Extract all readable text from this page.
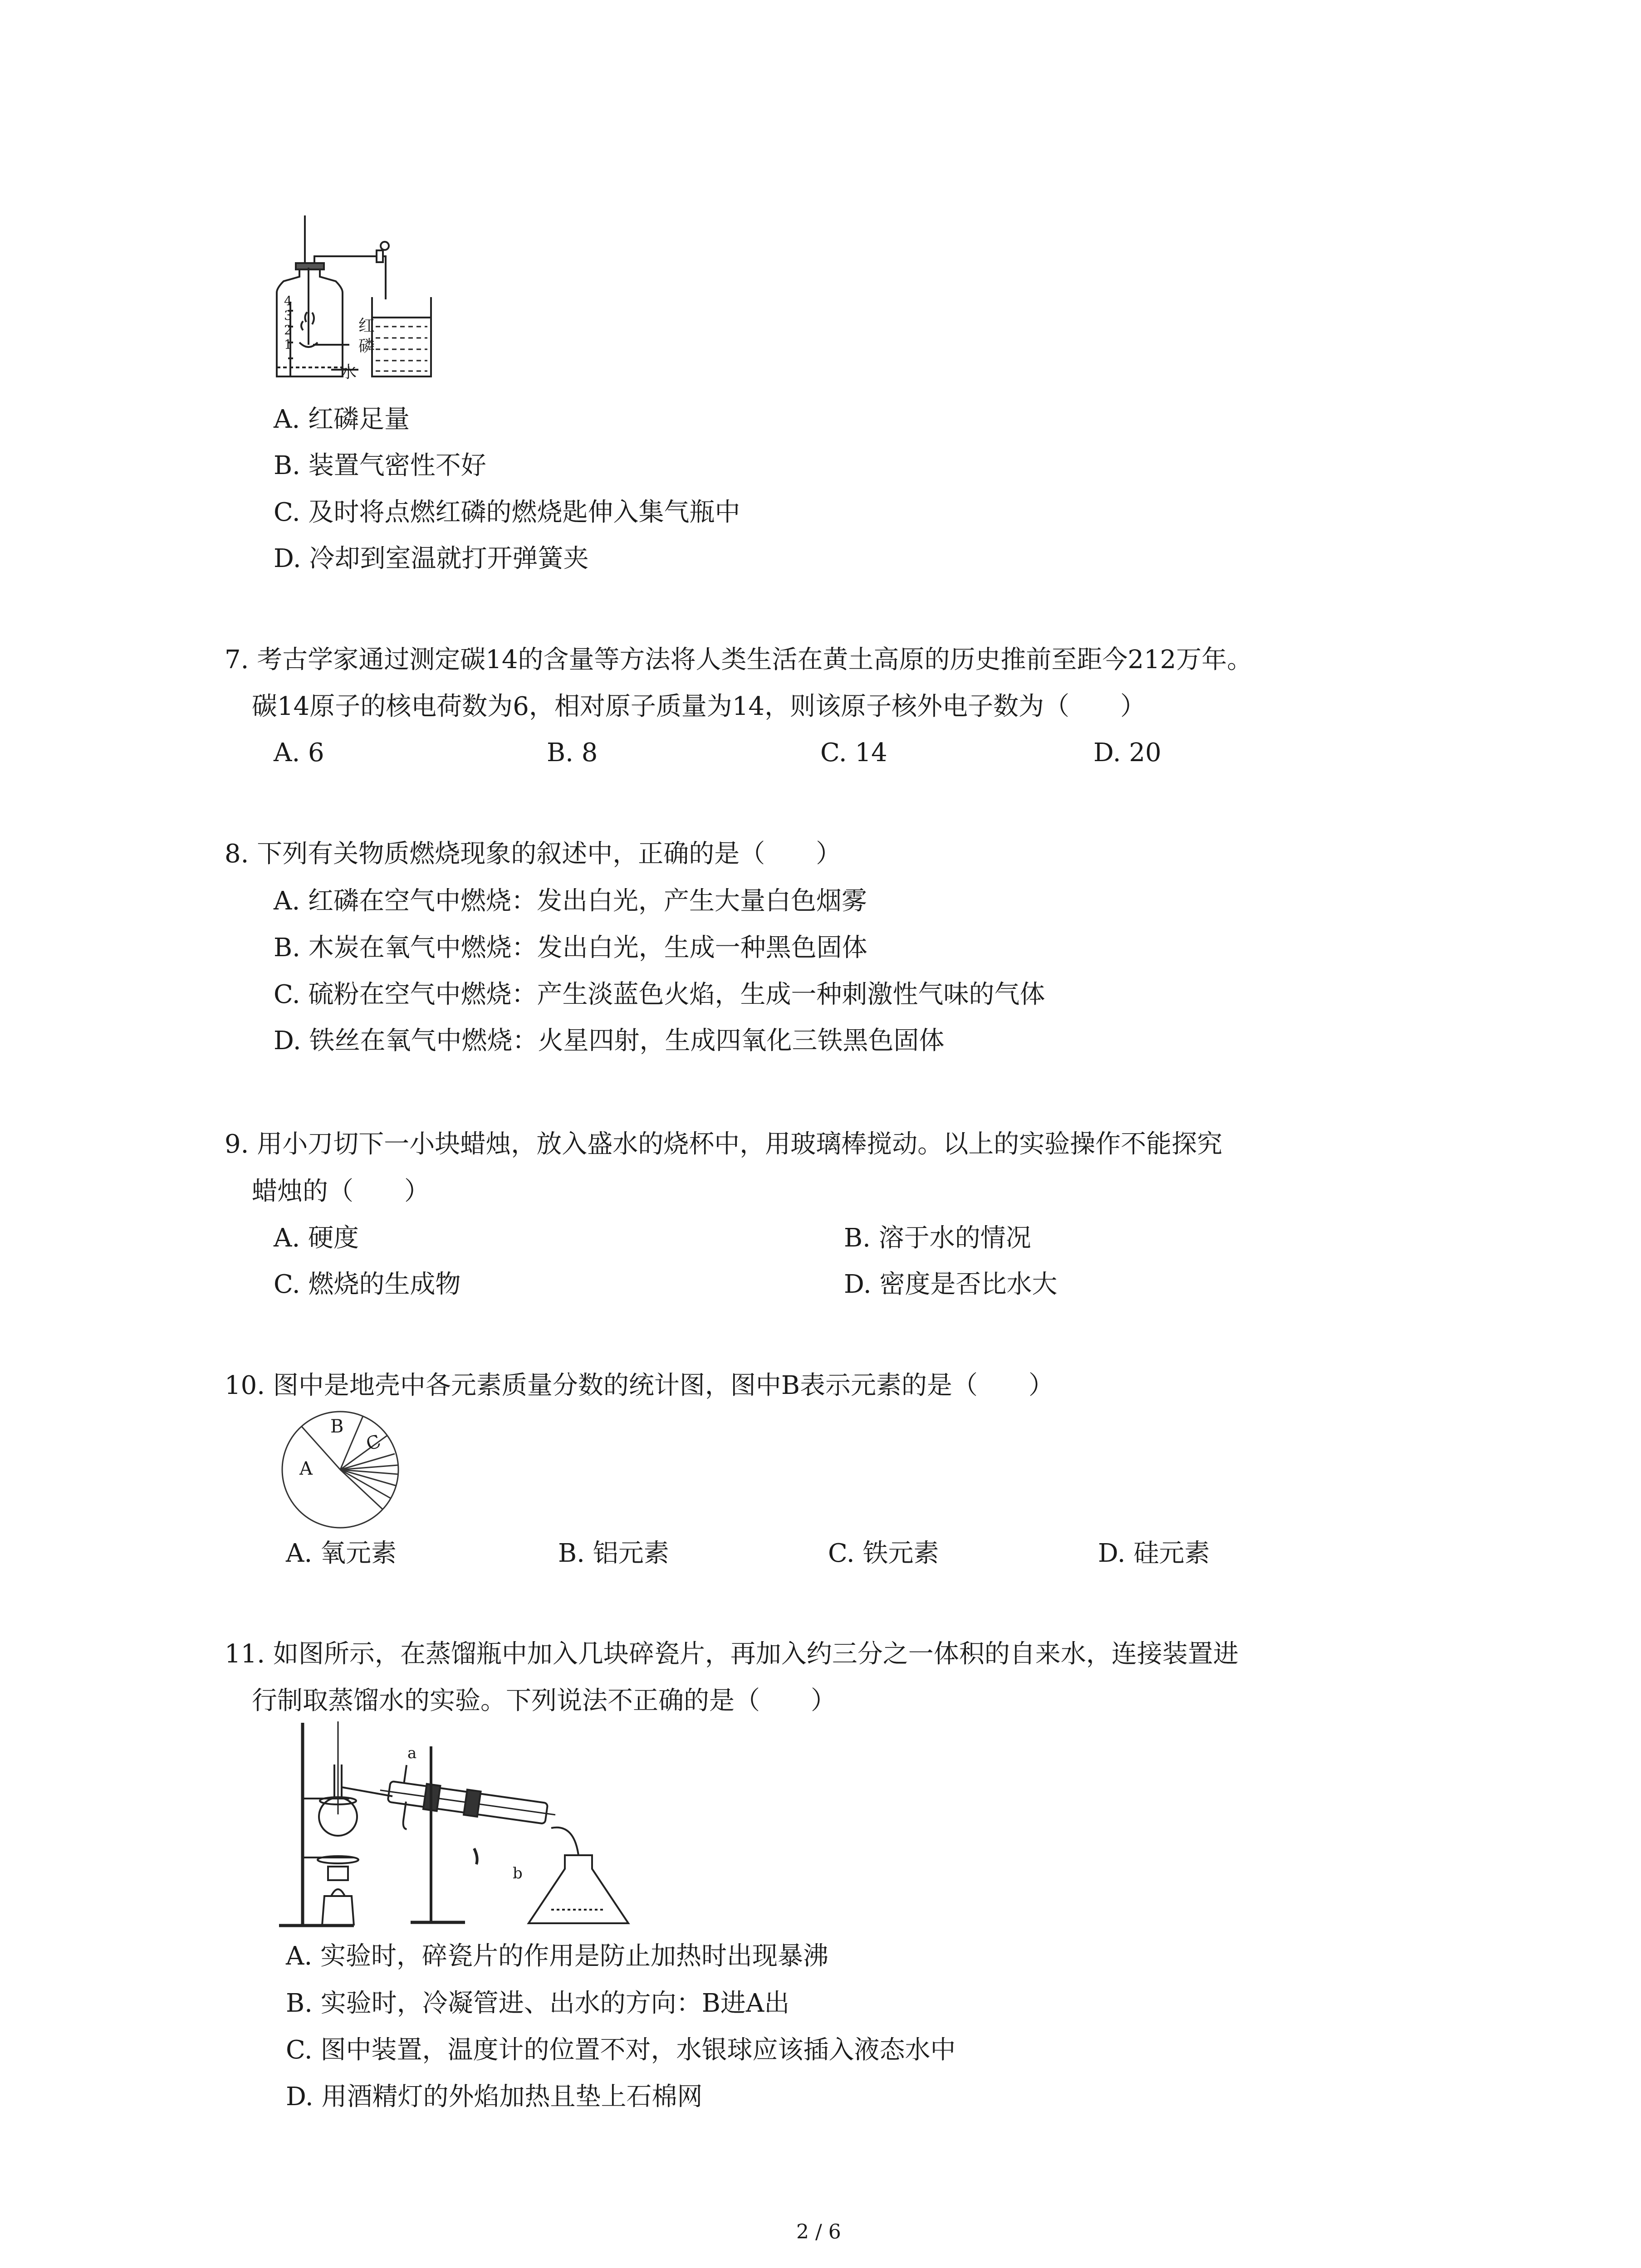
4
3
2
1
红
磷
水
A. 红磷足量
B. 装置气密性不好
C. 及时将点燃红磷的燃烧匙伸入集气瓶中
D. 冷却到室温就打开弹簧夹
7. 考古学家通过测定碳14的含量等方法将人类生活在黄土高原的历史推前至距今212万年。
碳14原子的核电荷数为6，相对原子质量为14，则该原子核外电子数为（　　）
A. 6	B. 8	C. 14	D. 20
8. 下列有关物质燃烧现象的叙述中，正确的是（　　）
A. 红磷在空气中燃烧：发出白光，产生大量白色烟雾
B. 木炭在氧气中燃烧：发出白光，生成一种黑色固体
C. 硫粉在空气中燃烧：产生淡蓝色火焰，生成一种刺激性气味的气体
D. 铁丝在氧气中燃烧：火星四射，生成四氧化三铁黑色固体
9. 用小刀切下一小块蜡烛，放入盛水的烧杯中，用玻璃棒搅动。以上的实验操作不能探究
蜡烛的（　　）
A. 硬度	B. 溶于水的情况
C. 燃烧的生成物	D. 密度是否比水大
10. 图中是地壳中各元素质量分数的统计图，图中B表示元素的是（　　）
A
B
C
A. 氧元素	B. 铝元素	C. 铁元素	D. 硅元素
11. 如图所示，在蒸馏瓶中加入几块碎瓷片，再加入约三分之一体积的自来水，连接装置进
行制取蒸馏水的实验。下列说法不正确的是（　　）
a
b
A. 实验时，碎瓷片的作用是防止加热时出现暴沸
B. 实验时，冷凝管进、出水的方向：B进A出
C. 图中装置，温度计的位置不对，水银球应该插入液态水中
D. 用酒精灯的外焰加热且垫上石棉网
2 / 6
